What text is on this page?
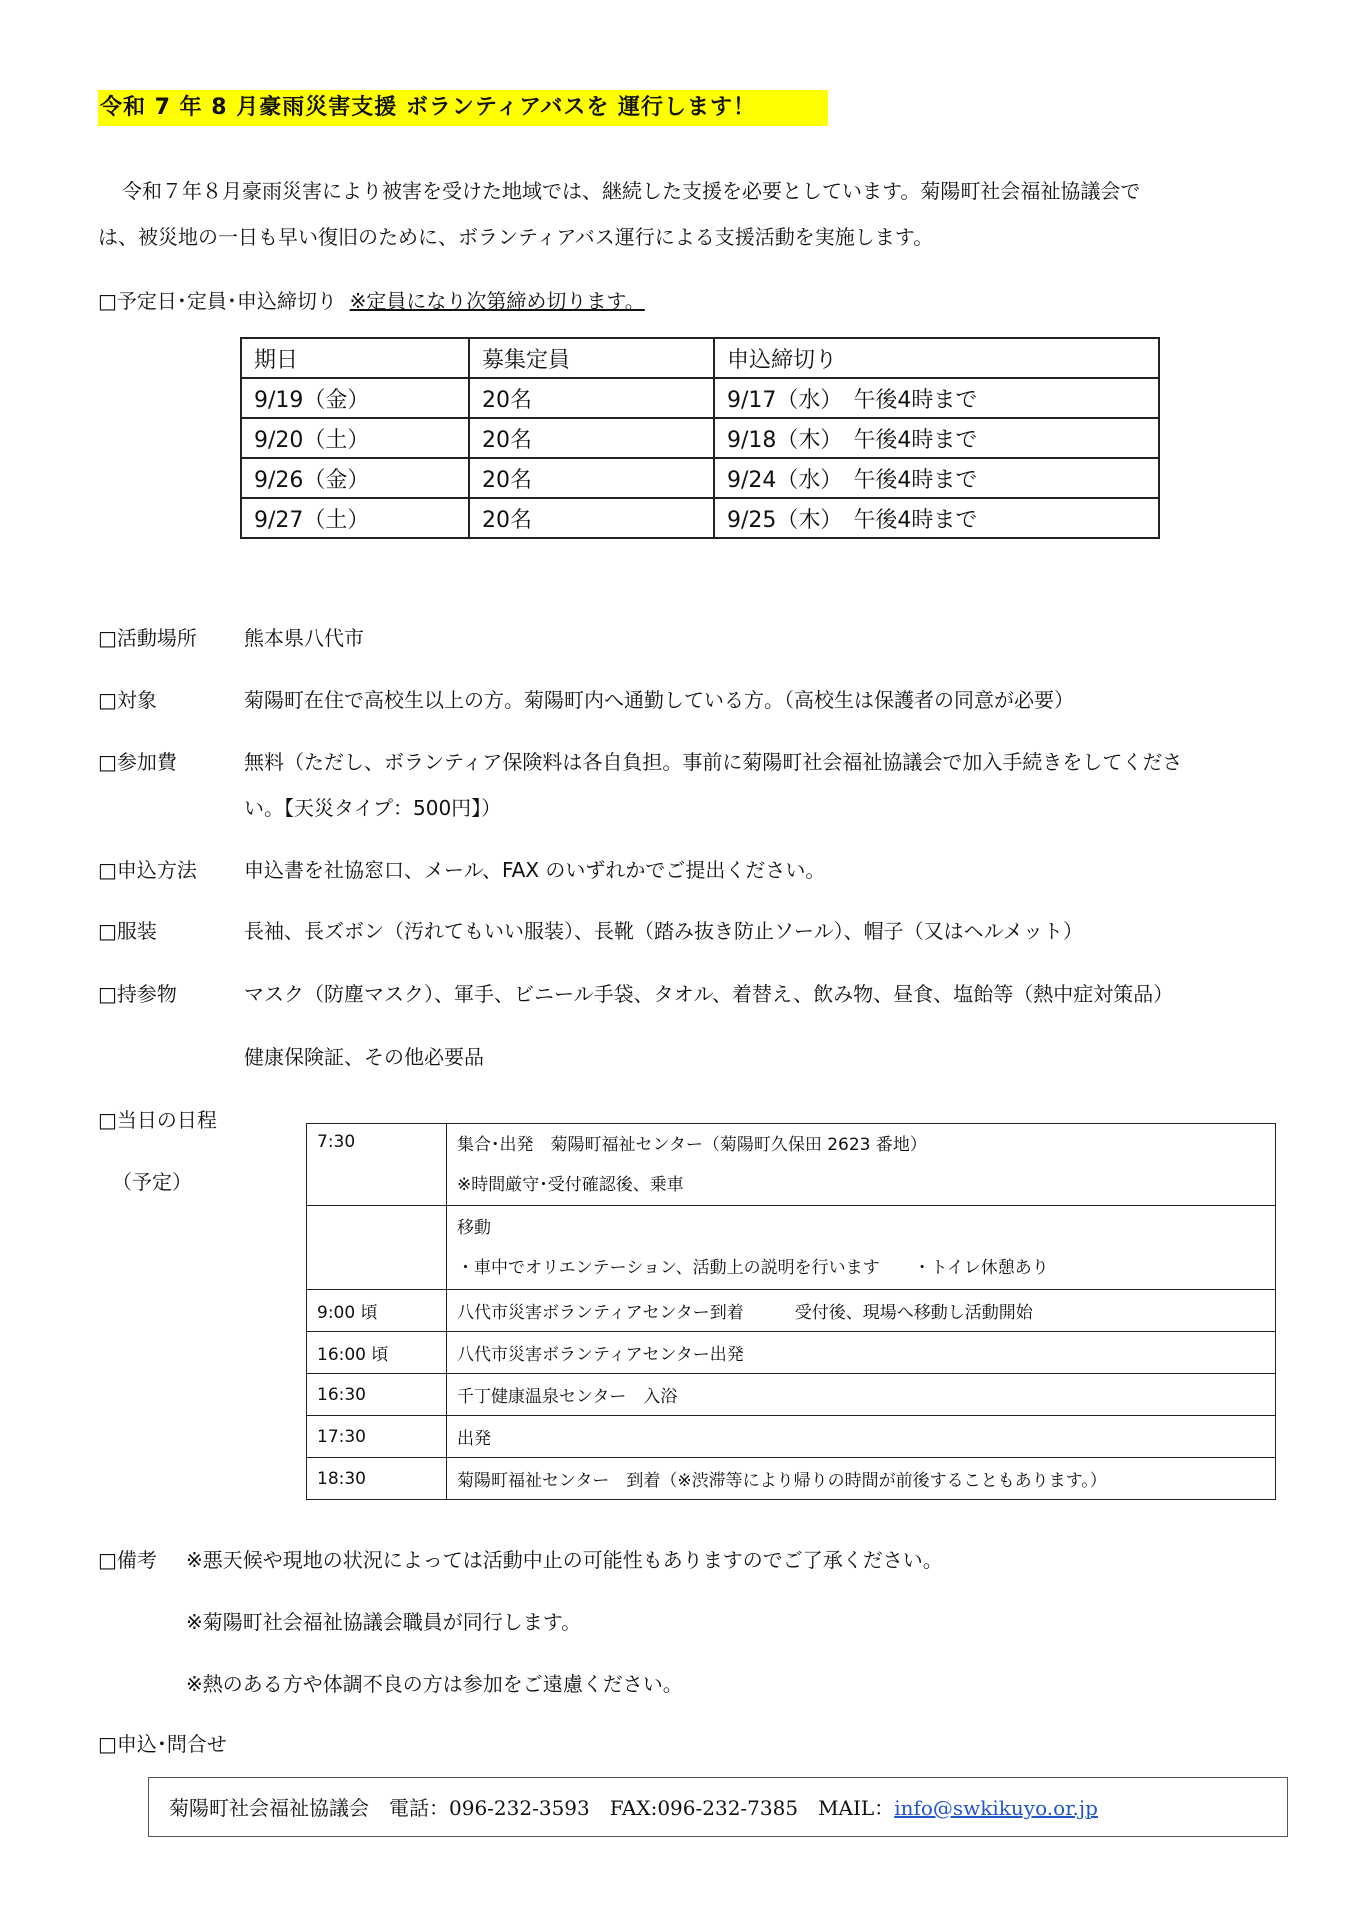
令和 7 年 8 月豪雨災害支援 ボランティアバスを 運行します！
令和７年８月豪雨災害により被害を受けた地域では、継続した支援を必要としています。菊陽町社会福祉協議会で
は、被災地の一日も早い復旧のために、ボランティアバス運行による支援活動を実施します。
□予定日･定員･申込締切り ※定員になり次第締め切ります。
期日	募集定員	申込締切り
9/19（金）	20名	9/17（水）　午後4時まで
9/20（土）	20名	9/18（木）　午後4時まで
9/26（金）	20名	9/24（水）　午後4時まで
9/27（土）	20名	9/25（木）　午後4時まで
□活動場所 熊本県八代市
□対象	菊陽町在住で高校生以上の方。菊陽町内へ通勤している方。（高校生は保護者の同意が必要）
□参加費	無料（ただし、ボランティア保険料は各自負担。事前に菊陽町社会福祉協議会で加入手続きをしてくださ
い。【天災タイプ：500円】）
□申込方法 申込書を社協窓口、メール、FAX のいずれかでご提出ください。
□服装	長袖、長ズボン（汚れてもいい服装）、長靴（踏み抜き防止ソール）、帽子（又はヘルメット）
□持参物	マスク（防塵マスク）、軍手、ビニール手袋、タオル、着替え、飲み物、昼食、塩飴等（熱中症対策品）
健康保険証、その他必要品
□当日の日程
（予定）
7:30	集合･出発　菊陽町福祉センター（菊陽町久保田 2623 番地）
※時間厳守･受付確認後、乗車

	移動
・車中でオリエンテーション、活動上の説明を行います　　・トイレ休憩あり

9:00 頃	八代市災害ボランティアセンター到着　　　受付後、現場へ移動し活動開始
16:00 頃	八代市災害ボランティアセンター出発
16:30	千丁健康温泉センター　入浴
17:30	出発
18:30	菊陽町福祉センター　到着（※渋滞等により帰りの時間が前後することもあります。）
□備考 ※悪天候や現地の状況によっては活動中止の可能性もありますのでご了承ください。
※菊陽町社会福祉協議会職員が同行します。
※熱のある方や体調不良の方は参加をご遠慮ください。
□申込･問合せ
菊陽町社会福祉協議会　電話：096-232-3593　FAX:096-232-7385　MAIL：info@swkikuyo.or.jp
